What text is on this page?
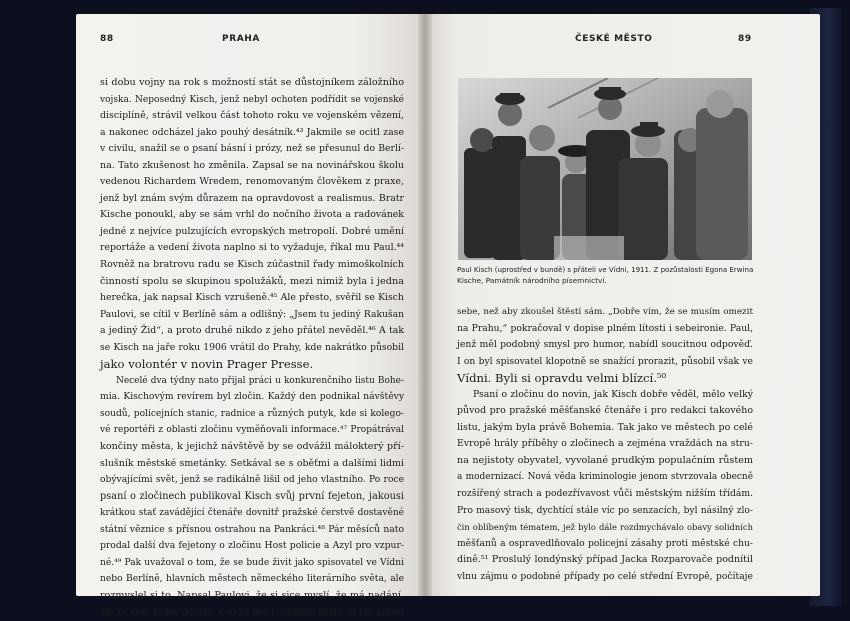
88	PRAHA	ČESKÉ MĚSTO	89
si dobu vojny na rok s možností stát se důstojníkem záložního
vojska. Neposedný Kisch, jenž nebyl ochoten podřídit se vojenské
disciplíně, strávil velkou část tohoto roku ve vojenském vězení,
a nakonec odcházel jako pouhý desátník.⁴³ Jakmile se ocitl zase
v civilu, snažil se o psaní básní i prózy, než se přesunul do Berlí-
na. Tato zkušenost ho změnila. Zapsal se na novinářskou školu
vedenou Richardem Wredem, renomovaným člověkem z praxe,
jenž byl znám svým důrazem na opravdovost a realismus. Bratr
Kische ponoukl, aby se sám vrhl do nočního života a radovánek
jedné z nejvíce pulzujících evropských metropolí. Dobré umění
reportáže a vedení života naplno si to vyžaduje, říkal mu Paul.⁴⁴
Rovněž na bratrovu radu se Kisch zúčastnil řady mimoškolních
činností spolu se skupinou spolužáků, mezi nimiž byla i jedna
herečka, jak napsal Kisch vzrušeně.⁴⁵ Ale přesto, svěřil se Kisch
Paulovi, se cítil v Berlíně sám a odlišný: „Jsem tu jediný Rakušan
a jediný Žid“, a proto druhé nikdo z jeho přátel nevěděl.⁴⁶ A tak
se Kisch na jaře roku 1906 vrátil do Prahy, kde nakrátko působil
jako volontér v novin Prager Presse.
Necelé dva týdny nato přijal práci u konkurenčního listu Bohe-
mia. Kischovým revírem byl zločin. Každý den podnikal návštěvy
soudů, policejních stanic, radnice a různých putyk, kde si kolego-
vé reportéři z oblasti zločinu vyměňovali informace.⁴⁷ Propátrával
končiny města, k jejichž návštěvě by se odvážil málokterý pří-
slušník městské smetánky. Setkával se s oběťmi a dalšími lidmi
obývajícími svět, jenž se radikálně lišil od jeho vlastního. Po roce
psaní o zločinech publikoval Kisch svůj první fejeton, jakousi
krátkou stať zavádějící čtenáře dovnitř pražské čerstvě dostavěné
státní věznice s přísnou ostrahou na Pankráci.⁴⁸ Pár měsíců nato
prodal další dva fejetony o zločinu Host policie a Azyl pro vzpur-
né.⁴⁹ Pak uvažoval o tom, že se bude živit jako spisovatel ve Vídni
nebo Berlíně, hlavních městech německého literárního světa, ale
rozmyslel si to. Napsal Paulovi, že si sice myslí, že má nadání,
ale že není žádný génius, a tudíž musí spoléhat spíše na lidi kolem
Paul Kisch (uprostřed v bundě) s přáteli ve Vídni, 1911. Z pozůstalosti Egona Erwina
Kische, Památník národního písemnictví.
sebe, než aby zkoušel štěstí sám. „Dobře vím, že se musím omezit
na Prahu,“ pokračoval v dopise plném lítosti i sebeironie. Paul,
jenž měl podobný smysl pro humor, nabídl soucitnou odpověď.
I on byl spisovatel klopotně se snažící prorazit, působil však ve
Vídni. Byli si opravdu velmi blízcí.⁵⁰
Psaní o zločinu do novin, jak Kisch dobře věděl, mělo velký
původ pro pražské měšťanské čtenáře i pro redakci takového
listu, jakým byla právě Bohemia. Tak jako ve městech po celé
Evropě hrály příběhy o zločinech a zejména vraždách na stru-
na nejistoty obyvatel, vyvolané prudkým populačním růstem
a modernizací. Nová věda kriminologie jenom stvrzovala obecně
rozšířený strach a podezřívavost vůči městským nižším třídám.
Pro masový tisk, dychtící stále víc po senzacích, byl násilný zlo-
čin oblíbeným tématem, jež bylo dále rozdmychávalo obavy solidních
měšťanů a ospravedlňovalo policejní zásahy proti městské chu-
dině.⁵¹ Proslulý londýnský případ Jacka Rozparovače podnítil
vlnu zájmu o podobné případy po celé střední Evropě, počítaje
